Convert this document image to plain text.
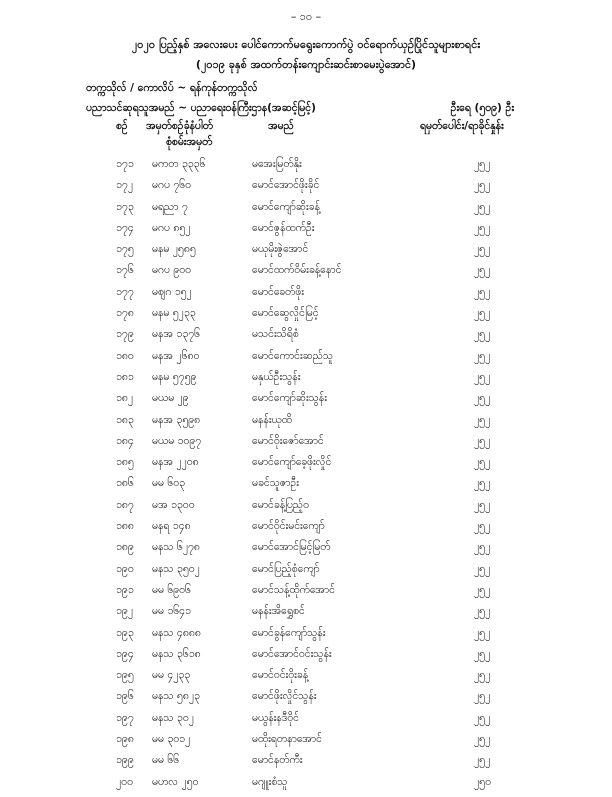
– ၁၀ –
၂၀၂၀ ပြည့်နှစ် အလေးပေး ပေါင်ကောက်မရွေးကောက်ပွဲ ဝင်ရောက်ယှဉ်ပြိုင်သူများစာရင်း
(၂၀၁၉ ခုနှစ် အထက်တန်းကျောင်းဆင်းစာမေးပွဲအောင်)
တက္ကသိုလ် / ကောလိပ် ~ ရန်ကုန်တက္ကသိုလ်
ပညာသင်ဆုရသူအမည် ~ ပညာရေးဝန်ကြီးဌာန(အဆင့်မြင့်)	ဦးရေ (၅၀၉) ဦး
စဉ် အမှတ်စဉ်ခုံနံပါတ်
စုံစမ်းအမှတ်
အမည်	ရမှတ်ပေါင်း/ရာခိုင်နှုန်း
၁၇၁ မကတ ၃၃၃၆	မအေးမြတ်နိုး	၂၅၂
၁၇၂ မဂပ ၇၆၀	မောင်အောင်ဖိုးခိုင်	၂၅၂
၁၇၃ မရညာ ၇	မောင်ကျော်ဆိုးခန့်	၂၅၂
၁၇၄ မဂပ ၈၅၂	မောင်ဇွန်ထက်ဦး	၂၅၂
၁၇၅ မနမ ၂၅၈၅	မယုမိုးဇွဲအောင်	၂၅၂
၁၇၆ မဂပ ၉၀၀	မောင်ထက်ဝိမ်းခန့်နောင်	၂၅၂
၁၇၇ မဈဂ ၁၅၂	မောင်ခေတ်ဖိုး	၂၅၂
၁၇၈ မနမ ၅၂၃၃	မောင်ဆွေလှိုင်မြင့်	၂၅၂
၁၇၉ မနအ ၁၃၇၆	မသင်းသိရိစံ	၂၅၂
၁၈၀ မနအ ၂၆၈၀	မောင်ကောင်းဆည်သူ	၂၅၂
၁၈၁ မနမ ၅၇၅၉	မနှယ်ဦးသွန်း	၂၅၂
၁၈၂ မယမ ၂၉	မောင်ကျော်ဆိုးသွန်း	၂၅၂
၁၈၃ မနအ ၃၅၉၈	မနန်းယုထိ	၂၅၂
၁၈၄ မယမ ၁၀၉၇	မောင်ဝိုးဇော်အောင်	၂၅၂
၁၈၅ မနအ ၂၂၀၈	မောင်ကျော်ခေ့ဖိုးလှိုင်	၂၅၂
၁၈၆ မမ ၆၀၃	မခင်သူဇာဦး	၂၅၂
၁၈၇ မအ ၁၃၀၀	မောင်ခန့်ပြည့်ဝ	၂၅၂
၁၈၈ မနရ ၁၄၈	မောင်ဝိုင်းမင်းကျော်	၂၅၂
၁၈၉ မနသ ၆၂၇၈	မောင်အောင်မြင့်မြတ်	၂၅၂
၁၉၀ မနသ ၃၅၀၂	မောင်ပြည့်စုံကျော်	၂၅၂
၁၉၁ မမ ၆၉၀၆	မောင်သန့်ထိုက်အောင်	၂၅၂
၁၉၂ မမ ၁၆၄၁	မနန်းအိရွှေစင်	၂၅၂
၁၉၃ မနသ ၄၈၈၈	မောင်ခွန်ကျော်သွန်း	၂၅၂
၁၉၄ မနသ ၃၆၁၈	မောင်အောင်ဝင်းသွန်း	၂၅၂
၁၉၅ မမ ၄၂၃၃	မောင်ဝင်းဝိုးခန့်	၂၅၂
၁၉၆ မနသ ၅၈၂၃	မောင်ဖိုးလှိုင်သွန်း	၂၅၂
၁၉၇ မနသ ၃၀၂	မယွန်းနဒီဝိုင်	၂၅၂
၁၉၈ မမ ၃၀၁၂	မထိုးရတနာအောင်	၂၅၂
၁၉၉ မမ ၆၆	မောင်နတ်ကီး	၂၅၂
၂၀၀ မဟလ ၂၅၀	မဂျူးစံသူ	၂၅၀
